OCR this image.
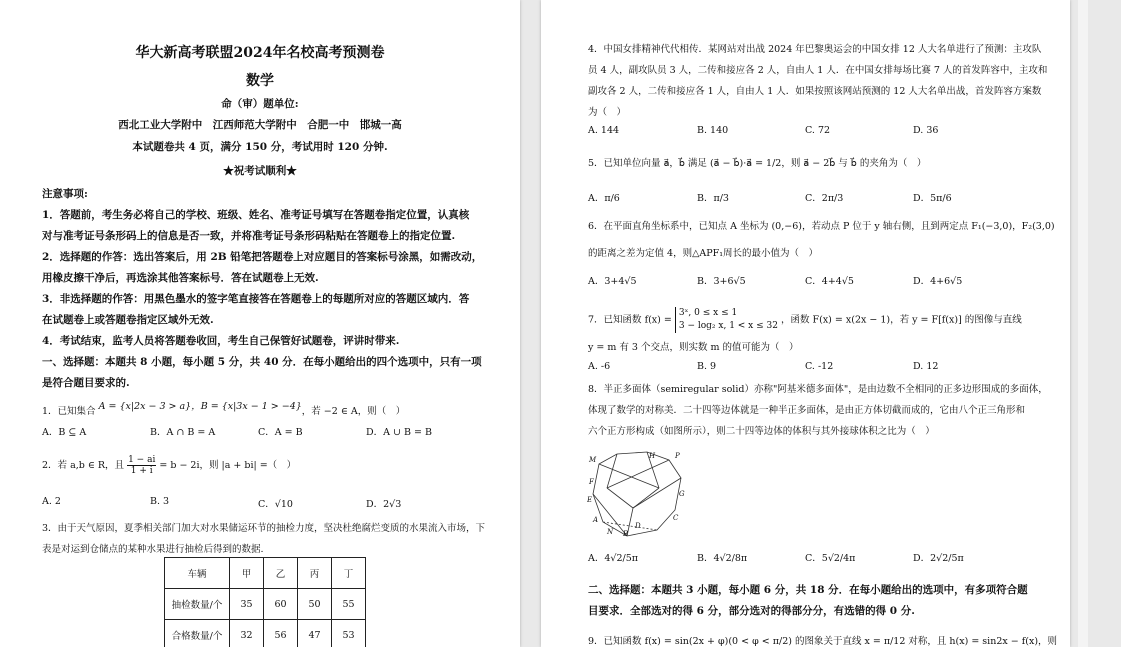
华大新高考联盟2024年名校高考预测卷
数学
命（审）题单位:
西北工业大学附中　江西师范大学附中　合肥一中　邯城一高
本试题卷共 4 页，满分 150 分，考试用时 120 分钟.
★祝考试顺利★
注意事项:
1．答题前，考生务必将自己的学校、班级、姓名、准考证号填写在答题卷指定位置，认真核
对与准考证号条形码上的信息是否一致，并将准考证号条形码粘贴在答题卷上的指定位置.
2．选择题的作答：选出答案后，用 2B 铅笔把答题卷上对应题目的答案标号涂黑，如需改动，
用橡皮擦干净后，再选涂其他答案标号．答在试题卷上无效.
3．非选择题的作答：用黑色墨水的签字笔直接答在答题卷上的每题所对应的答题区域内．答
在试题卷上或答题卷指定区域外无效.
4．考试结束，监考人员将答题卷收回，考生自己保管好试题卷，评讲时带来.
一、选择题：本题共 8 小题，每小题 5 分，共 40 分．在每小题给出的四个选项中，只有一项
是符合题目要求的.
1．已知集合 A = {x|2x − 3 > a}，B = {x|3x − 1 > −4}，若 −2 ∈ A，则（　）
A．B ⊆ A	B．A ∩ B = A	C．A = B	D．A ∪ B = B
2．若 a,b ∈ R，且 $\frac{1 - ai}{1 + i} = b - 2i$，则 |a + bi| =（　）
A. 2	B. 3	C．√10	D．2√3
3．由于天气原因，夏季相关部门加大对水果储运环节的抽检力度，坚决杜绝腐烂变质的水果流入市场，下
表是对运到仓储点的某种水果进行抽检后得到的数据.
车辆	甲	乙	丙	丁
抽检数量/个	35	60	50	55
合格数量/个	32	56	47	53
4．中国女排精神代代相传．某网站对出战 2024 年巴黎奥运会的中国女排 12 人大名单进行了预测：主攻队
员 4 人，副攻队员 3 人，二传和接应各 2 人，自由人 1 人．在中国女排每场比赛 7 人的首发阵容中，主攻和
副攻各 2 人，二传和接应各 1 人，自由人 1 人．如果按照该网站预测的 12 人大名单出战，首发阵容方案数
为（　）
A. 144	B. 140	C. 72	D. 36
5．已知单位向量 a⃗，b⃗ 满足 (a⃗ − b⃗)·a⃗ = 1/2，则 a⃗ − 2b⃗ 与 b⃗ 的夹角为（　）
A．π/6	B．π/3	C．2π/3	D．5π/6
6．在平面直角坐标系中，已知点 A 坐标为 (0,−6)，若动点 P 位于 y 轴右侧，且到两定点 F₁(−3,0)，F₂(3,0)
的距离之差为定值 4，则△APF₁周长的最小值为（　）
A．3+4√5	B．3+6√5	C．4+4√5	D．4+6√5
7．已知函数 f(x) =
3ˣ, 0 ≤ x ≤ 1
3 − log₂ x, 1 < x ≤ 32
，函数 F(x) = x(2x − 1)，若 y = F[f(x)] 的图像与直线
y = m 有 3 个交点，则实数 m 的值可能为（　）
A. -6	B. 9	C. -12	D. 12
8．半正多面体（semiregular solid）亦称"阿基米德多面体"，是由边数不全相同的正多边形围成的多面体，
体现了数学的对称美．二十四等边体就是一种半正多面体，是由正方体切截而成的，它由八个正三角形和
六个正方形构成（如图所示），则二十四等边体的体积与其外接球体积之比为（　）
M	H	P
F
E
G
A
B
C
D
N
A．4√2/5π	B．4√2/8π	C．5√2/4π	D．2√2/5π
二、选择题：本题共 3 小题，每小题 6 分，共 18 分．在每小题给出的选项中，有多项符合题
目要求．全部选对的得 6 分，部分选对的得部分分，有选错的得 0 分.
9．已知函数 f(x) = sin(2x + φ)(0 < φ < π/2) 的图象关于直线 x = π/12 对称，且 h(x) = sin2x − f(x)，则
